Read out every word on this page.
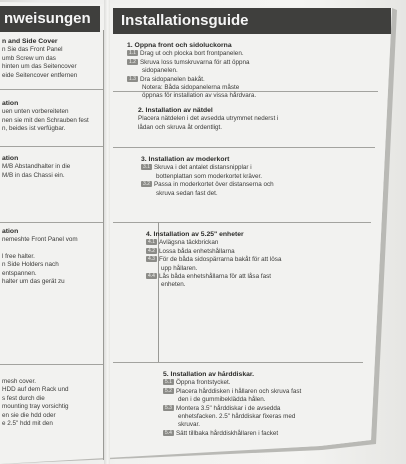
nweisungen	Installationsguide
n and Side Cover
n Sie das Front Panel
umb Screw um das
hinten um das Seitencover
eide Seitencover entfernen
ation
uen unten vorbereiteten
nen sie mit den Schrauben fest
n, beides ist verfügbar.
ation
M/B Abstandhalter in die
M/B in das Chassi ein.
ation
nemeshte Front Panel vom
l free halter.
n Side Holders nach
entspannen.
halter um das gerät zu
mesh cover.
HDD auf dem Rack und
s fest durch die
mounting tray vorsichtig
en sie die hdd oder
e 2.5" hdd mit den
1. Öppna front och sidoluckorna
1.1 Drag ut och plocka bort frontpanelen.
1.2 Skruva loss tumskruvarna för att öppna
sidopanelen.
1.3 Dra sidopanelen bakåt.
Notera: Båda sidopanelerna måste
öppnas för installation av vissa hårdvara.
2. Installation av nätdel
Placera nätdelen i det avsedda utrymmet nederst i
lådan och skruva åt ordentligt.
3. Installation av moderkort
3.1 Skruva i det antalet distansnipplar i
bottenplattan som moderkortet kräver.
3.2 Passa in moderkortet över distanserna och
skruva sedan fast det.
4. Installation av 5.25" enheter
4.1 Avlägsna täckbrickan
4.2 Lossa båda enhetshållarna
4.3 För de båda sidospärrarna bakåt för att lösa
upp hållaren.
4.4 Lås båda enhetshållarna för att låsa fast
enheten.
5. Installation av hårddiskar.
5.1 Öppna frontstycket.
5.2 Placera hårddisken i hållaren och skruva fast
den i de gummibeklädda hålen.
5.3 Montera 3.5" hårddiskar i de avsedda
enhetsfacken. 2.5" hårddiskar fixeras med
skruvar.
5.4 Sätt tillbaka hårddiskhållaren i facket
